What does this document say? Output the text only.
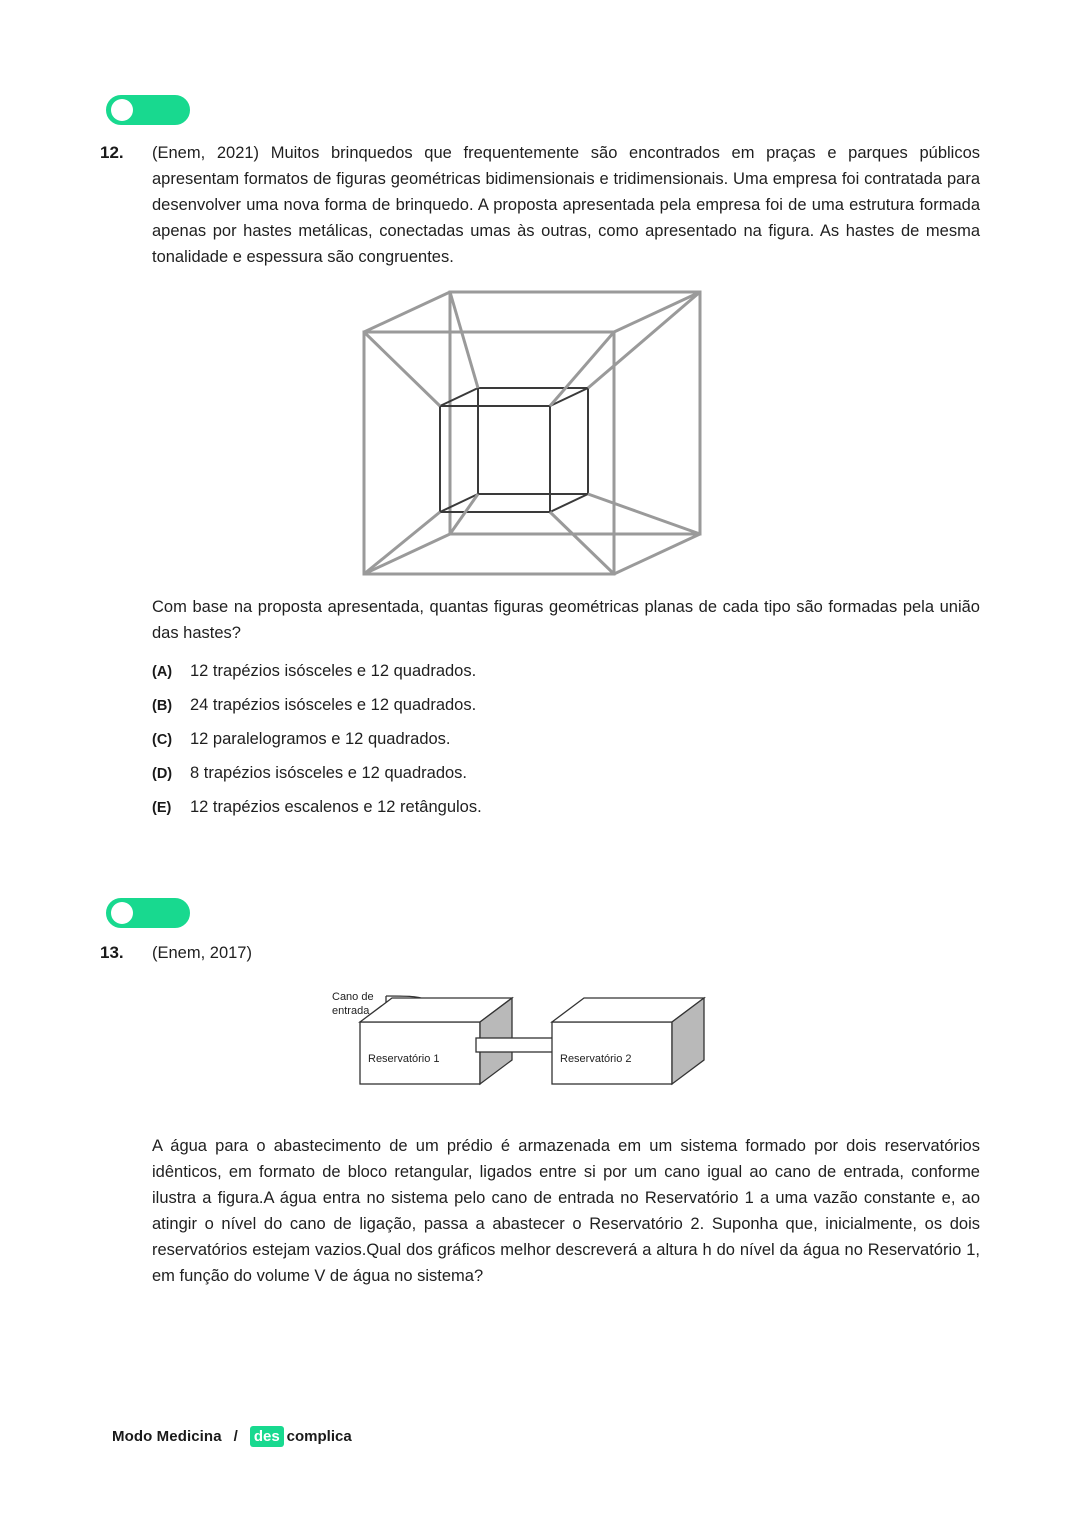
12.	(Enem, 2021) Muitos brinquedos que frequentemente são encontrados em praças e parques públicos apresentam formatos de figuras geométricas bidimensionais e tridimensionais. Uma empresa foi contratada para desenvolver uma nova forma de brinquedo. A proposta apresentada pela empresa foi de uma estrutura formada apenas por hastes metálicas, conectadas umas às outras, como apresentado na figura. As hastes de mesma tonalidade e espessura são congruentes.

Com base na proposta apresentada, quantas figuras geométricas planas de cada tipo são formadas pela união das hastes?

(A)	12 trapézios isósceles e 12 quadrados.
(B)	24 trapézios isósceles e 12 quadrados.
(C)	12 paralelogramos e 12 quadrados.
(D)	8 trapézios isósceles e 12 quadrados.
(E)	12 trapézios escalenos e 12 retângulos.
13.	(Enem, 2017)
Cano de
entrada
Reservatório 1	Reservatório 2

A água para o abastecimento de um prédio é armazenada em um sistema formado por dois reservatórios idênticos, em formato de bloco retangular, ligados entre si por um cano igual ao cano de entrada, conforme ilustra a figura.A água entra no sistema pelo cano de entrada no Reservatório 1 a uma vazão constante e, ao atingir o nível do cano de ligação, passa a abastecer o Reservatório 2. Suponha que, inicialmente, os dois reservatórios estejam vazios.Qual dos gráficos melhor descreverá a altura h do nível da água no Reservatório 1, em função do volume V de água no sistema?

Modo Medicina / des complica
